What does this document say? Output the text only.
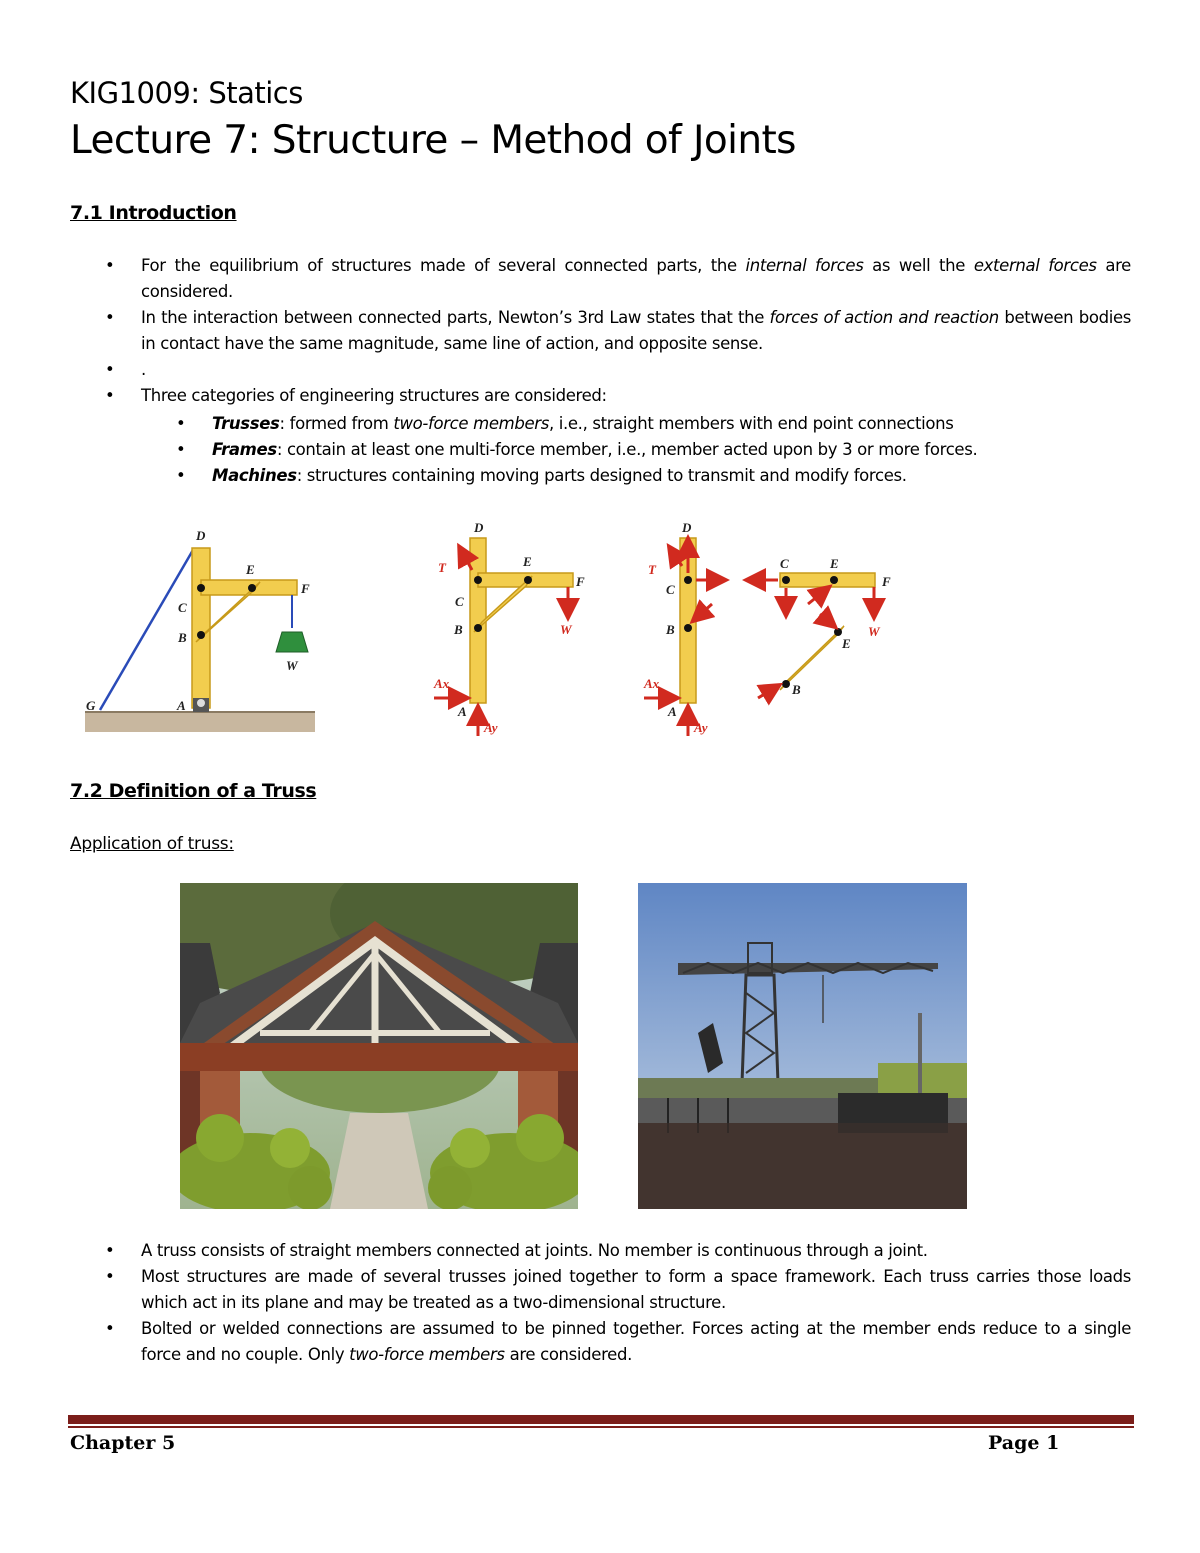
KIG1009: Statics
Lecture 7: Structure – Method of Joints
7.1 Introduction
• For the equilibrium of structures made of several connected parts, the internal forces as well the external forces are considered.
• In the interaction between connected parts, Newton’s 3rd Law states that the forces of action and reaction between bodies in contact have the same magnitude, same line of action, and opposite sense.
• .
• Three categories of engineering structures are considered:
• Trusses: formed from two-force members, i.e., straight members with end point connections
• Frames: contain at least one multi-force member, i.e., member acted upon by 3 or more forces.
• Machines: structures containing moving parts designed to transmit and modify forces.
D
E
F
C
B
W
G	A
D
E
F
T
C
B	W
Ax
A
Ay
D
T
C
B
Ax
A
Ay
C	E
F
W
E
B
7.2 Definition of a Truss
Application of truss:
• A truss consists of straight members connected at joints. No member is continuous through a joint.
• Most structures are made of several trusses joined together to form a space framework. Each truss carries those loads which act in its plane and may be treated as a two-dimensional structure.
• Bolted or welded connections are assumed to be pinned together. Forces acting at the member ends reduce to a single force and no couple. Only two-force members are considered.
Chapter 5	Page 1
